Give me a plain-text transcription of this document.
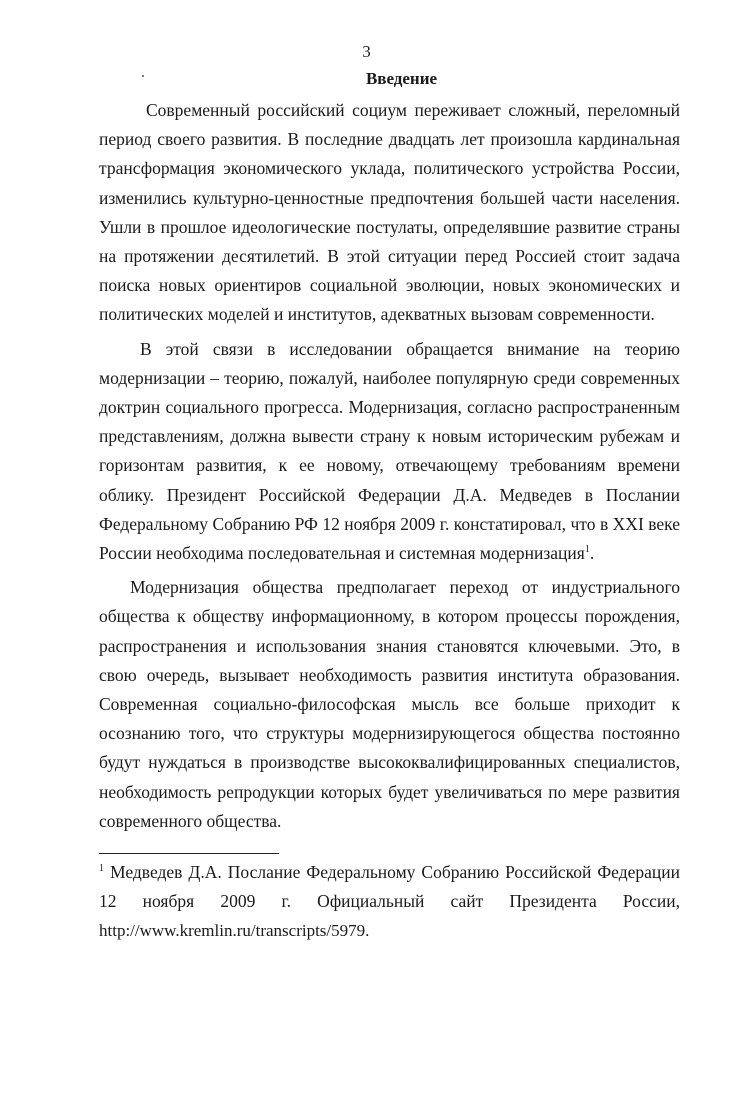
3
Введение

Современный российский социум переживает сложный, переломный период своего развития. В последние двадцать лет произошла кардинальная трансформация экономического уклада, политического устройства России, изменились культурно-ценностные предпочтения большей части населения. Ушли в прошлое идеологические постулаты, определявшие развитие страны на протяжении десятилетий. В этой ситуации перед Россией стоит задача поиска новых ориентиров социальной эволюции, новых экономических и политических моделей и институтов, адекватных вызовам современности.

В этой связи в исследовании обращается внимание на теорию модернизации – теорию, пожалуй, наиболее популярную среди современных доктрин социального прогресса. Модернизация, согласно распространенным представлениям, должна вывести страну к новым историческим рубежам и горизонтам развития, к ее новому, отвечающему требованиям времени облику. Президент Российской Федерации Д.А. Медведев в Послании Федеральному Собранию РФ 12 ноября 2009 г. констатировал, что в XXI веке России необходима последовательная и системная модернизация$^1$.

Модернизация общества предполагает переход от индустриального общества к обществу информационному, в котором процессы порождения, распространения и использования знания становятся ключевыми. Это, в свою очередь, вызывает необходимость развития института образования. Современная социально-философская мысль все больше приходит к осознанию того, что структуры модернизирующегося общества постоянно будут нуждаться в производстве высококвалифицированных специалистов, необходимость репродукции которых будет увеличиваться по мере развития современного общества.

$^1$ Медведев Д.А. Послание Федеральному Собранию Российской Федерации 12 ноября 2009 г. Официальный сайт Президента России, http://www.kremlin.ru/transcripts/5979.
